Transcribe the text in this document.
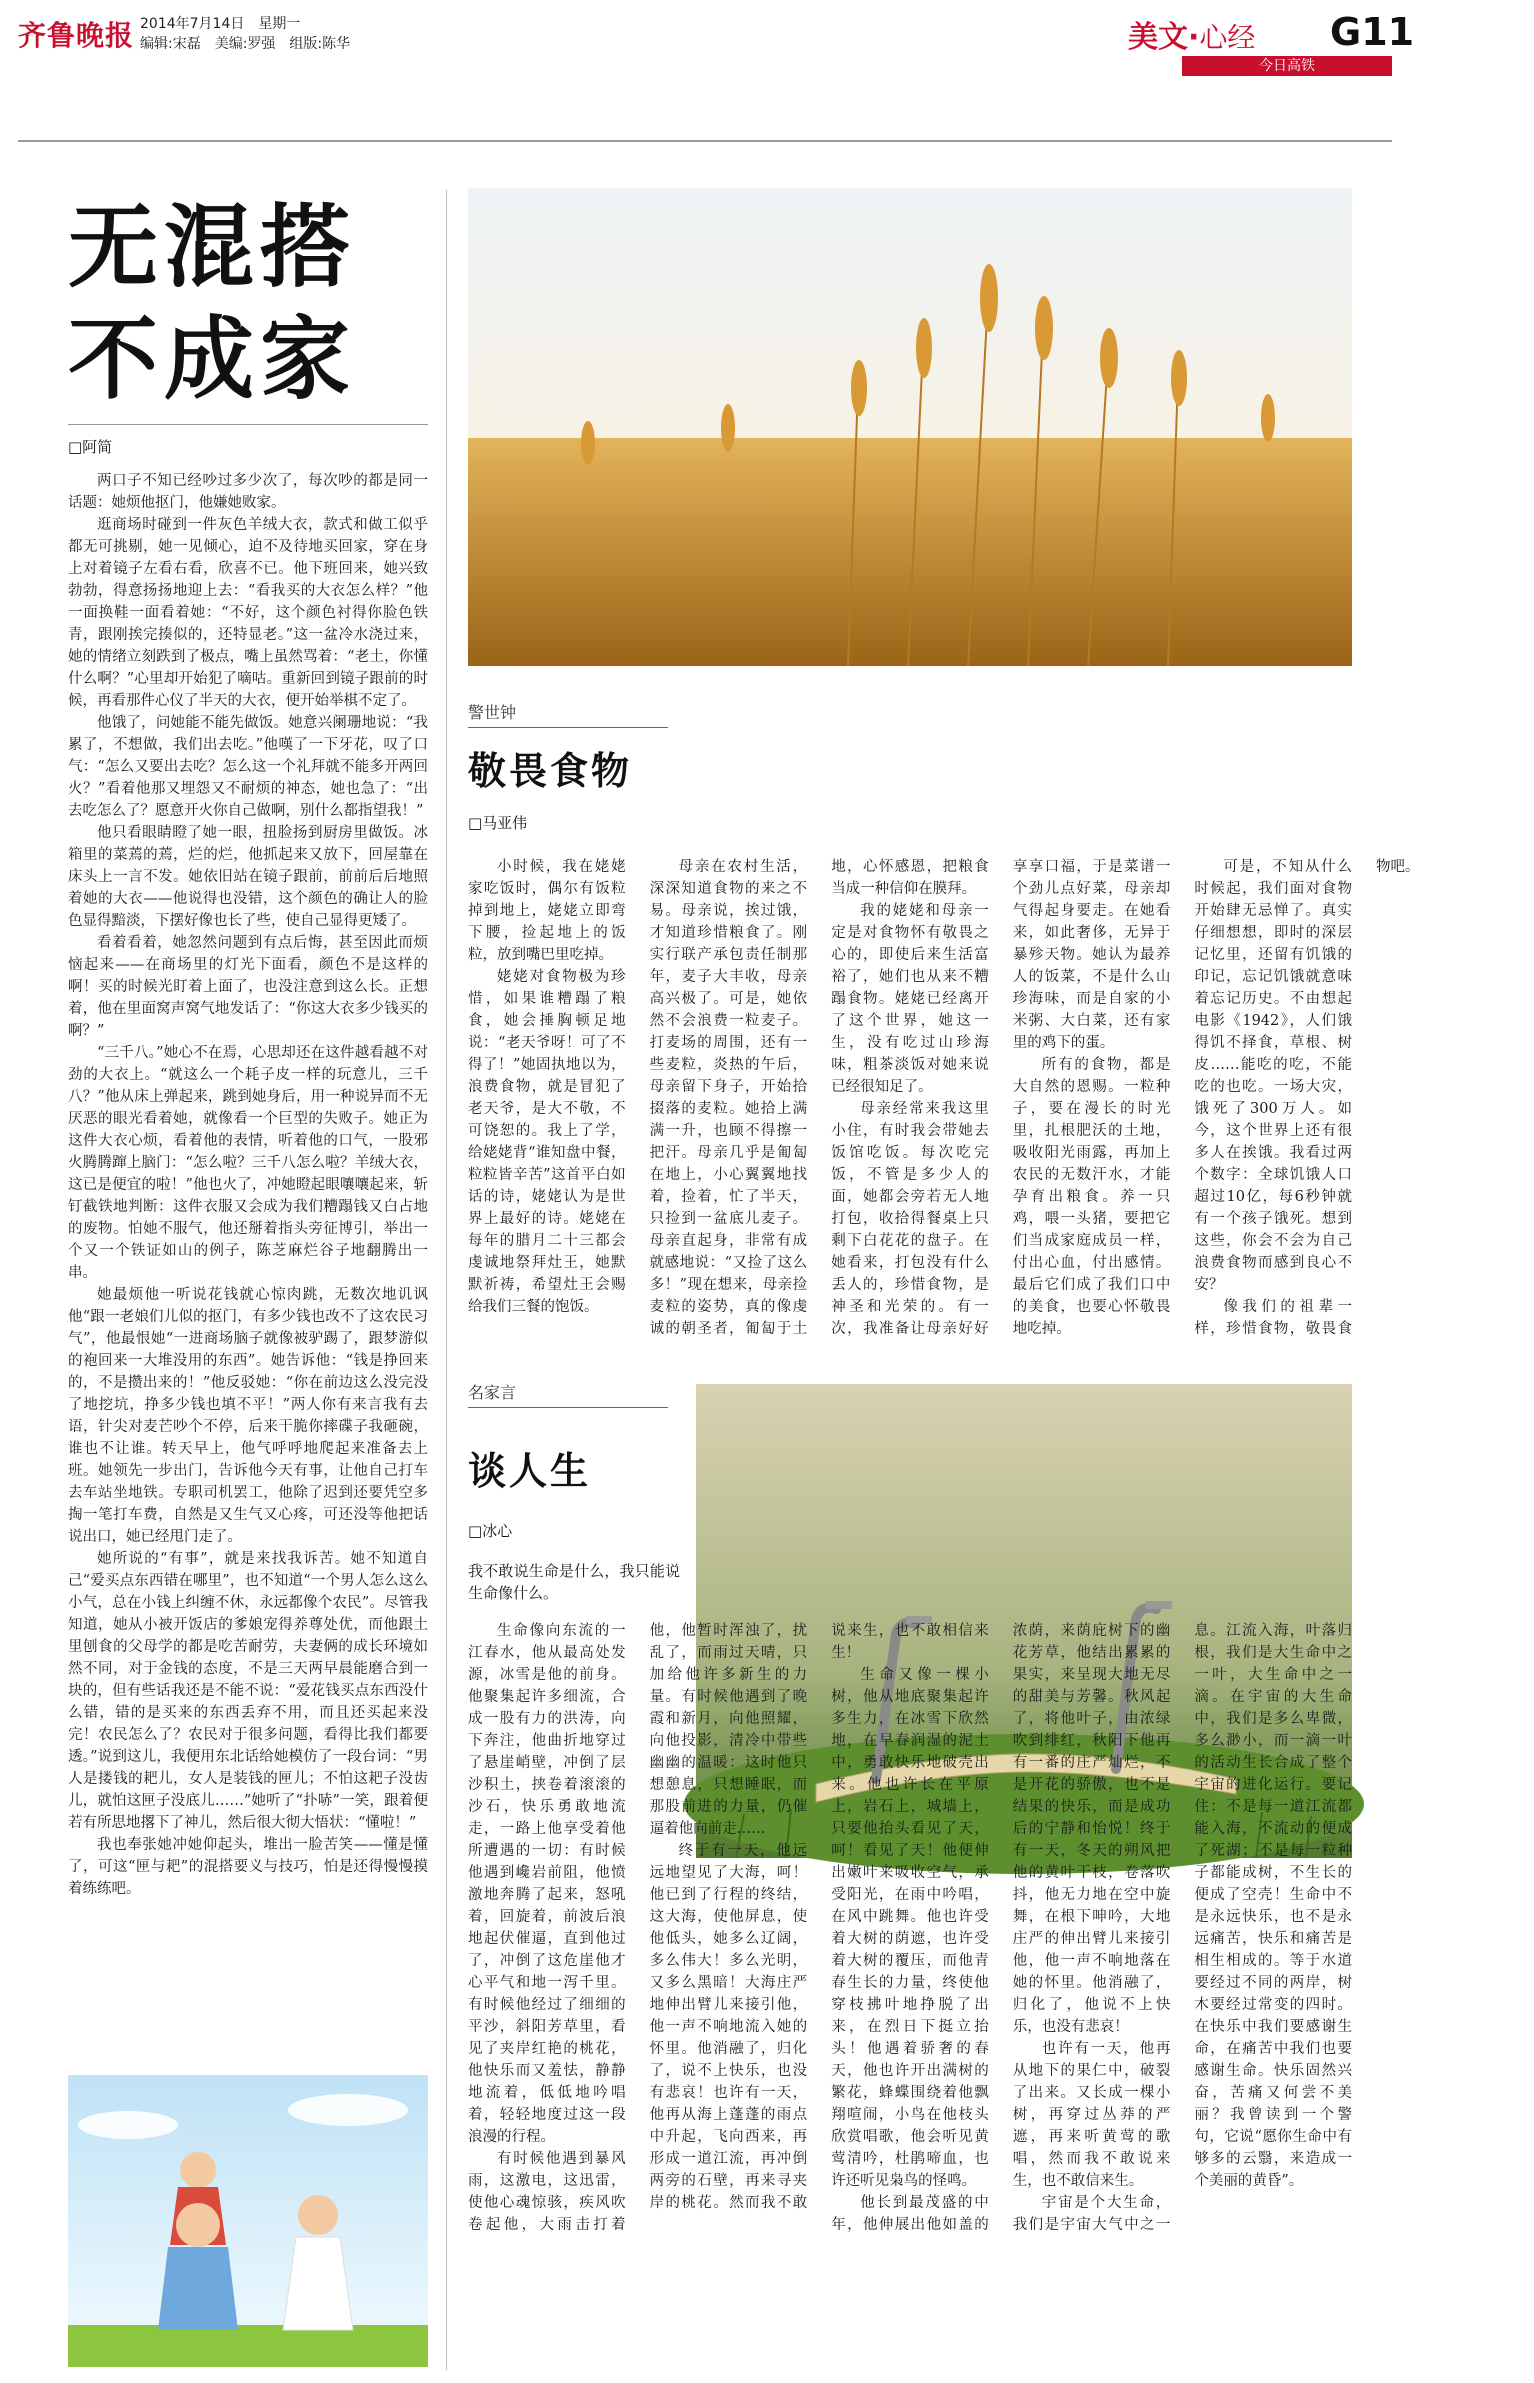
齐鲁晚报 2014年7月14日　星期一
编辑:宋磊　美编:罗强　组版:陈华	美文·心经	G11
今日高铁
无混搭
不成家
□阿简

两口子不知已经吵过多少次了，每次吵的都是同一话题：她烦他抠门，他嫌她败家。

逛商场时碰到一件灰色羊绒大衣，款式和做工似乎都无可挑剔，她一见倾心，迫不及待地买回家，穿在身上对着镜子左看右看，欣喜不已。他下班回来，她兴致勃勃，得意扬扬地迎上去：“看我买的大衣怎么样？”他一面换鞋一面看着她：“不好，这个颜色衬得你脸色铁青，跟刚挨完揍似的，还特显老。”这一盆冷水浇过来，她的情绪立刻跌到了极点，嘴上虽然骂着：“老土，你懂什么啊？”心里却开始犯了嘀咕。重新回到镜子跟前的时候，再看那件心仪了半天的大衣，便开始举棋不定了。

他饿了，问她能不能先做饭。她意兴阑珊地说：“我累了，不想做，我们出去吃。”他嘆了一下牙花，叹了口气：“怎么又要出去吃？怎么这一个礼拜就不能多开两回火？”看着他那又埋怨又不耐烦的神态，她也急了：“出去吃怎么了？愿意开火你自己做啊，别什么都指望我！”

他只看眼睛瞪了她一眼，扭脸扬到厨房里做饭。冰箱里的菜蔫的蔫，烂的烂，他抓起来又放下，回屋靠在床头上一言不发。她依旧站在镜子跟前，前前后后地照着她的大衣——他说得也没错，这个颜色的确让人的脸色显得黯淡，下摆好像也长了些，使自己显得更矮了。

看着看着，她忽然问题到有点后悔，甚至因此而烦恼起来——在商场里的灯光下面看，颜色不是这样的啊！买的时候光盯着上面了，也没注意到这么长。正想着，他在里面窝声窝气地发话了：“你这大衣多少钱买的啊？”

“三千八。”她心不在焉，心思却还在这件越看越不对劲的大衣上。“就这么一个耗子皮一样的玩意儿，三千八？”他从床上弹起来，跳到她身后，用一种说异而不无厌恶的眼光看着她，就像看一个巨型的失败子。她正为这件大衣心烦，看着他的表情，听着他的口气，一股邪火腾腾蹿上脑门：“怎么啦？三千八怎么啦？羊绒大衣，这已是便宜的啦！”他也火了，冲她瞪起眼嚷嚷起来，斩钉截铁地判断：这件衣服又会成为我们糟蹋钱又白占地的废物。怕她不服气，他还掰着指头旁征博引，举出一个又一个铁证如山的例子，陈芝麻烂谷子地翻腾出一串。

她最烦他一听说花钱就心惊肉跳，无数次地讥讽他“跟一老娘们儿似的抠门，有多少钱也改不了这农民习气”，他最恨她“一进商场脑子就像被驴踢了，跟梦游似的袍回来一大堆没用的东西”。她告诉他：“钱是挣回来的，不是攒出来的！”他反驳她：“你在前边这么没完没了地挖坑，挣多少钱也填不平！”两人你有来言我有去语，针尖对麦芒吵个不停，后来干脆你摔碟子我砸碗，谁也不让谁。转天早上，他气呼呼地爬起来准备去上班。她领先一步出门，告诉他今天有事，让他自己打车去车站坐地铁。专职司机罢工，他除了迟到还要凭空多掏一笔打车费，自然是又生气又心疼，可还没等他把话说出口，她已经甩门走了。

她所说的“有事”，就是来找我诉苦。她不知道自己“爱买点东西错在哪里”，也不知道“一个男人怎么这么小气，总在小钱上纠缠不休，永远都像个农民”。尽管我知道，她从小被开饭店的爹娘宠得养尊处优，而他跟土里刨食的父母学的都是吃苦耐劳，夫妻俩的成长环境如然不同，对于金钱的态度，不是三天两早晨能磨合到一块的，但有些话我还是不能不说：“爱花钱买点东西没什么错，错的是买来的东西丢弃不用，而且还买起来没完！农民怎么了？农民对于很多问题，看得比我们都要透。”说到这儿，我便用东北话给她模仿了一段台词：“男人是搂钱的耙儿，女人是装钱的匣儿；不怕这耙子没齿儿，就怕这匣子没底儿……”她听了“扑哧”一笑，跟着便若有所思地撂下了神儿，然后很大彻大悟状：“懂啦！”

我也奉张她冲她仰起头，堆出一脸苦笑——懂是懂了，可这“匣与耙”的混搭要义与技巧，怕是还得慢慢摸着练练吧。

警世钟
敬畏食物
□马亚伟

小时候，我在姥姥家吃饭时，偶尔有饭粒掉到地上，姥姥立即弯下腰，捡起地上的饭粒，放到嘴巴里吃掉。

姥姥对食物极为珍惜，如果谁糟蹋了粮食，她会捶胸顿足地说：“老天爷呀！可了不得了！”她固执地以为，浪费食物，就是冒犯了老天爷，是大不敬，不可饶恕的。我上了学，给姥姥背“谁知盘中餐，粒粒皆辛苦”这首平白如话的诗，姥姥认为是世界上最好的诗。姥姥在每年的腊月二十三都会虔诚地祭拜灶王，她默默祈祷，希望灶王会赐给我们三餐的饱饭。

母亲在农村生活，深深知道食物的来之不易。母亲说，挨过饿，才知道珍惜粮食了。刚实行联产承包责任制那年，麦子大丰收，母亲高兴极了。可是，她依然不会浪费一粒麦子。打麦场的周围，还有一些麦粒，炎热的午后，母亲留下身子，开始拾掇落的麦粒。她拾上满满一升，也顾不得擦一把汗。母亲几乎是匍匐在地上，小心翼翼地找着，捡着，忙了半天，只捡到一盆底儿麦子。母亲直起身，非常有成就感地说：“又捡了这么多！”现在想来，母亲捡麦粒的姿势，真的像虔诚的朝圣者，匍匐于土地，心怀感恩，把粮食当成一种信仰在膜拜。

我的姥姥和母亲一定是对食物怀有敬畏之心的，即使后来生活富裕了，她们也从来不糟蹋食物。姥姥已经离开了这个世界，她这一生，没有吃过山珍海味，粗茶淡饭对她来说已经很知足了。

母亲经常来我这里小住，有时我会带她去饭馆吃饭。每次吃完饭，不管是多少人的面，她都会旁若无人地打包，收拾得餐桌上只剩下白花花的盘子。在她看来，打包没有什么丢人的，珍惜食物，是神圣和光荣的。有一次，我准备让母亲好好享享口福，于是菜谱一个劲儿点好菜，母亲却气得起身要走。在她看来，如此奢侈，无异于暴殄天物。她认为最养人的饭菜，不是什么山珍海味，而是自家的小米粥、大白菜，还有家里的鸡下的蛋。

所有的食物，都是大自然的恩赐。一粒种子，要在漫长的时光里，扎根肥沃的土地，吸收阳光雨露，再加上农民的无数汗水，才能孕育出粮食。养一只鸡，喂一头猪，要把它们当成家庭成员一样，付出心血，付出感情。最后它们成了我们口中的美食，也要心怀敬畏地吃掉。

可是，不知从什么时候起，我们面对食物开始肆无忌惮了。真实仔细想想，即时的深层记忆里，还留有饥饿的印记，忘记饥饿就意味着忘记历史。不由想起电影《1942》，人们饿得饥不择食，草根、树皮……能吃的吃，不能吃的也吃。一场大灾，饿死了300万人。如今，这个世界上还有很多人在挨饿。我看过两个数字：全球饥饿人口超过10亿，每6秒钟就有一个孩子饿死。想到这些，你会不会为自己浪费食物而感到良心不安？

像我们的祖辈一样，珍惜食物，敬畏食物吧。

名家言
谈人生
□冰心
我不敢说生命是什么，我只能说生命像什么。

生命像向东流的一江春水，他从最高处发源，冰雪是他的前身。他聚集起许多细流，合成一股有力的洪涛，向下奔注，他曲折地穿过了悬崖峭壁，冲倒了层沙积土，挟卷着滚滚的沙石，快乐勇敢地流走，一路上他享受着他所遭遇的一切：有时候他遇到巉岩前阻，他愤激地奔腾了起来，怒吼着，回旋着，前波后浪地起伏催逼，直到他过了，冲倒了这危崖他才心平气和地一泻千里。有时候他经过了细细的平沙，斜阳芳草里，看见了夹岸红艳的桃花，他快乐而又羞怯，静静地流着，低低地吟唱着，轻轻地度过这一段浪漫的行程。

有时候他遇到暴风雨，这激电，这迅雷，使他心魂惊骇，疾风吹卷起他，大雨击打着他，他暂时浑浊了，扰乱了，而雨过天晴，只加给他许多新生的力量。有时候他遇到了晚霞和新月，向他照耀，向他投影，清冷中带些幽幽的温暖：这时他只想憩息，只想睡眠，而那股前进的力量，仍催逼着他向前走……

终于有一天，他远远地望见了大海，呵！他已到了行程的终结，这大海，使他屏息，使他低头，她多么辽阔，多么伟大！多么光明，又多么黑暗！大海庄严地伸出臂儿来接引他，他一声不响地流入她的怀里。他消融了，归化了，说不上快乐，也没有悲哀！也许有一天，他再从海上蓬蓬的雨点中升起，飞向西来，再形成一道江流，再冲倒两旁的石壁，再来寻夹岸的桃花。然而我不敢说来生，也不敢相信来生！

生命又像一棵小树，他从地底聚集起许多生力，在冰雪下欣然地，在早春润湿的泥土中，勇敢快乐地破壳出来。他也许长在平原上，岩石上，城墙上，只要他抬头看见了天，呵！看见了天！他便伸出嫩叶来吸收空气，承受阳光，在雨中吟唱，在风中跳舞。他也许受着大树的荫遮，也许受着大树的覆压，而他青春生长的力量，终使他穿枝拂叶地挣脱了出来，在烈日下挺立抬头！他遇着骄奢的春天，他也许开出满树的繁花，蜂蝶围绕着他飘翔喧闹，小鸟在他枝头欣赏唱歌，他会听见黄莺清吟，杜鹃啼血，也许还听见枭鸟的怪鸣。

他长到最茂盛的中年，他伸展出他如盖的浓荫，来荫庇树下的幽花芳草，他结出累累的果实，来呈现大地无尽的甜美与芳馨。秋风起了，将他叶子，由浓绿吹到绯红，秋阳下他再有一番的庄严灿烂，不是开花的骄傲，也不是结果的快乐，而是成功后的宁静和怡悦！终于有一天，冬天的朔风把他的黄叶干枝，卷落吹抖，他无力地在空中旋舞，在根下呻吟，大地庄严的伸出臂儿来接引他，他一声不响地落在她的怀里。他消融了，归化了，他说不上快乐，也没有悲哀！

也许有一天，他再从地下的果仁中，破裂了出来。又长成一棵小树，再穿过丛莽的严遮，再来听黄莺的歌唱，然而我不敢说来生，也不敢信来生。

宇宙是个大生命，我们是宇宙大气中之一息。江流入海，叶落归根，我们是大生命中之一叶，大生命中之一滴。在宇宙的大生命中，我们是多么卑微，多么渺小，而一滴一叶的活动生长合成了整个宇宙的进化运行。要记住：不是每一道江流都能入海，不流动的便成了死湖；不是每一粒种子都能成树，不生长的便成了空壳！生命中不是永远快乐，也不是永远痛苦，快乐和痛苦是相生相成的。等于水道要经过不同的两岸，树木要经过常变的四时。在快乐中我们要感谢生命，在痛苦中我们也要感谢生命。快乐固然兴奋，苦痛又何尝不美丽？我曾读到一个警句，它说“愿你生命中有够多的云翳，来造成一个美丽的黄昏”。
